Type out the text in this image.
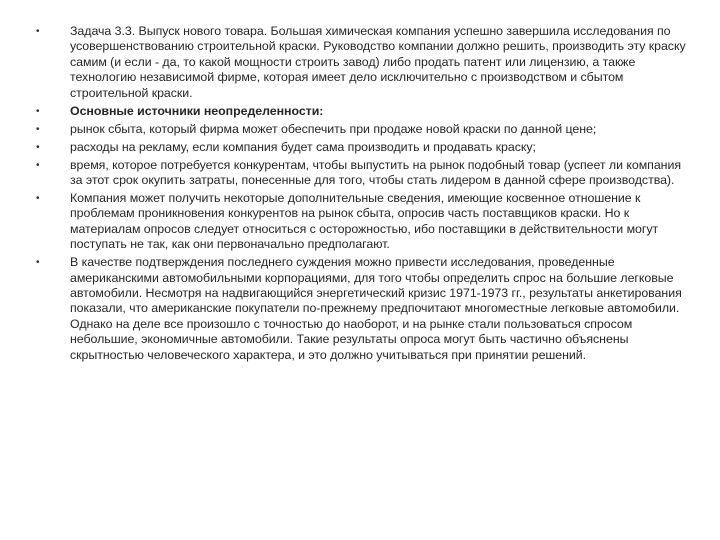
•	Задача 3.3. Выпуск нового товара. Большая химическая компания успешно завершила исследования по усовершенствованию строительной краски. Руководство компании должно решить, производить эту краску самим (и если - да, то какой мощности строить завод) либо продать патент или лицензию, а также технологию независимой фирме, которая имеет дело исключительно с производством и сбытом строительной краски.
•	Основные источники неопределенности:
•	рынок сбыта, который фирма может обеспечить при продаже новой краски по данной цене;
•	расходы на рекламу, если компания будет сама производить и продавать краску;
•	время, которое потребуется конкурентам, чтобы выпустить на рынок подобный товар (успеет ли компания за этот срок окупить затраты, понесенные для того, чтобы стать лидером в данной сфере производства).
•	Компания может получить некоторые дополнительные сведения, имеющие косвенное отношение к проблемам проникновения конкурентов на рынок сбыта, опросив часть поставщиков краски. Но к материалам опросов следует относиться с осторожностью, ибо поставщики в действительности могут поступать не так, как они первоначально предполагают.
•	В качестве подтверждения последнего суждения можно привести исследования, проведенные американскими автомобильными корпорациями, для того чтобы определить спрос на большие легковые автомобили. Несмотря на надвигающийся энергетический кризис 1971-1973 гг., результаты анкетирования показали, что американские покупатели по-прежнему предпочитают многоместные легковые автомобили. Однако на деле все произошло с точностью до наоборот, и на рынке стали пользоваться спросом небольшие, экономичные автомобили. Такие результаты опроса могут быть частично объяснены скрытностью человеческого характера, и это должно учитываться при принятии решений.
